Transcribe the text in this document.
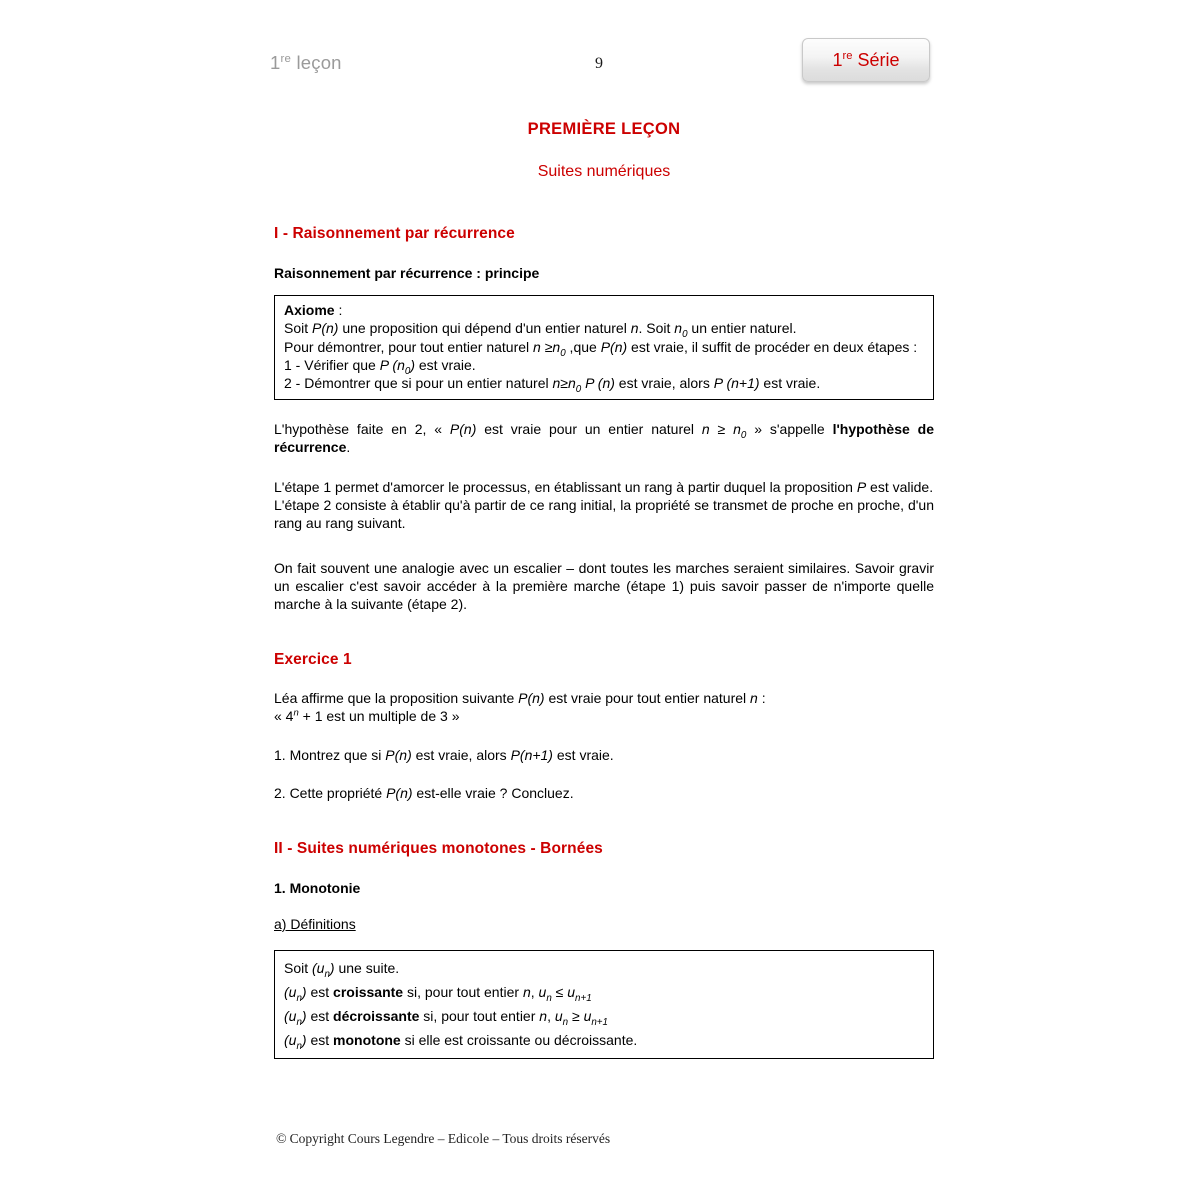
1re leçon	9	1re Série
PREMIÈRE LEÇON
Suites numériques
I - Raisonnement par récurrence
Raisonnement par récurrence : principe

Axiome :

Soit P(n) une proposition qui dépend d'un entier naturel n. Soit $n_0$ un entier naturel.

Pour démontrer, pour tout entier naturel $n \ge n_0$ ,que P(n) est vraie, il suffit de procéder en deux étapes :

1 - Vérifier que P $(n_0)$ est vraie.

2 - Démontrer que si pour un entier naturel $n\ge n_0$ P (n) est vraie, alors P (n+1) est vraie.

L'hypothèse faite en 2, « P(n) est vraie pour un entier naturel $n \ge n_0$ » s'appelle l'hypothèse de récurrence.

L'étape 1 permet d'amorcer le processus, en établissant un rang à partir duquel la proposition P est valide.

L'étape 2 consiste à établir qu'à partir de ce rang initial, la propriété se transmet de proche en proche, d'un rang au rang suivant.

On fait souvent une analogie avec un escalier – dont toutes les marches seraient similaires. Savoir gravir un escalier c'est savoir accéder à la première marche (étape 1) puis savoir passer de n'importe quelle marche à la suivante (étape 2).

Exercice 1

Léa affirme que la proposition suivante P(n) est vraie pour tout entier naturel n :

« $4^n + 1$ est un multiple de 3 »

1. Montrez que si P(n) est vraie, alors P(n+1) est vraie.

2. Cette propriété P(n) est-elle vraie ? Concluez.

II - Suites numériques monotones - Bornées
1. Monotonie
a) Définitions

Soit $(u_n)$ une suite.

$(u_n)$ est croissante si, pour tout entier n, $u_n \le u_{n+1}$

$(u_n)$ est décroissante si, pour tout entier n, $u_n \ge u_{n+1}$

$(u_n)$ est monotone si elle est croissante ou décroissante.

© Copyright Cours Legendre – Edicole – Tous droits réservés
